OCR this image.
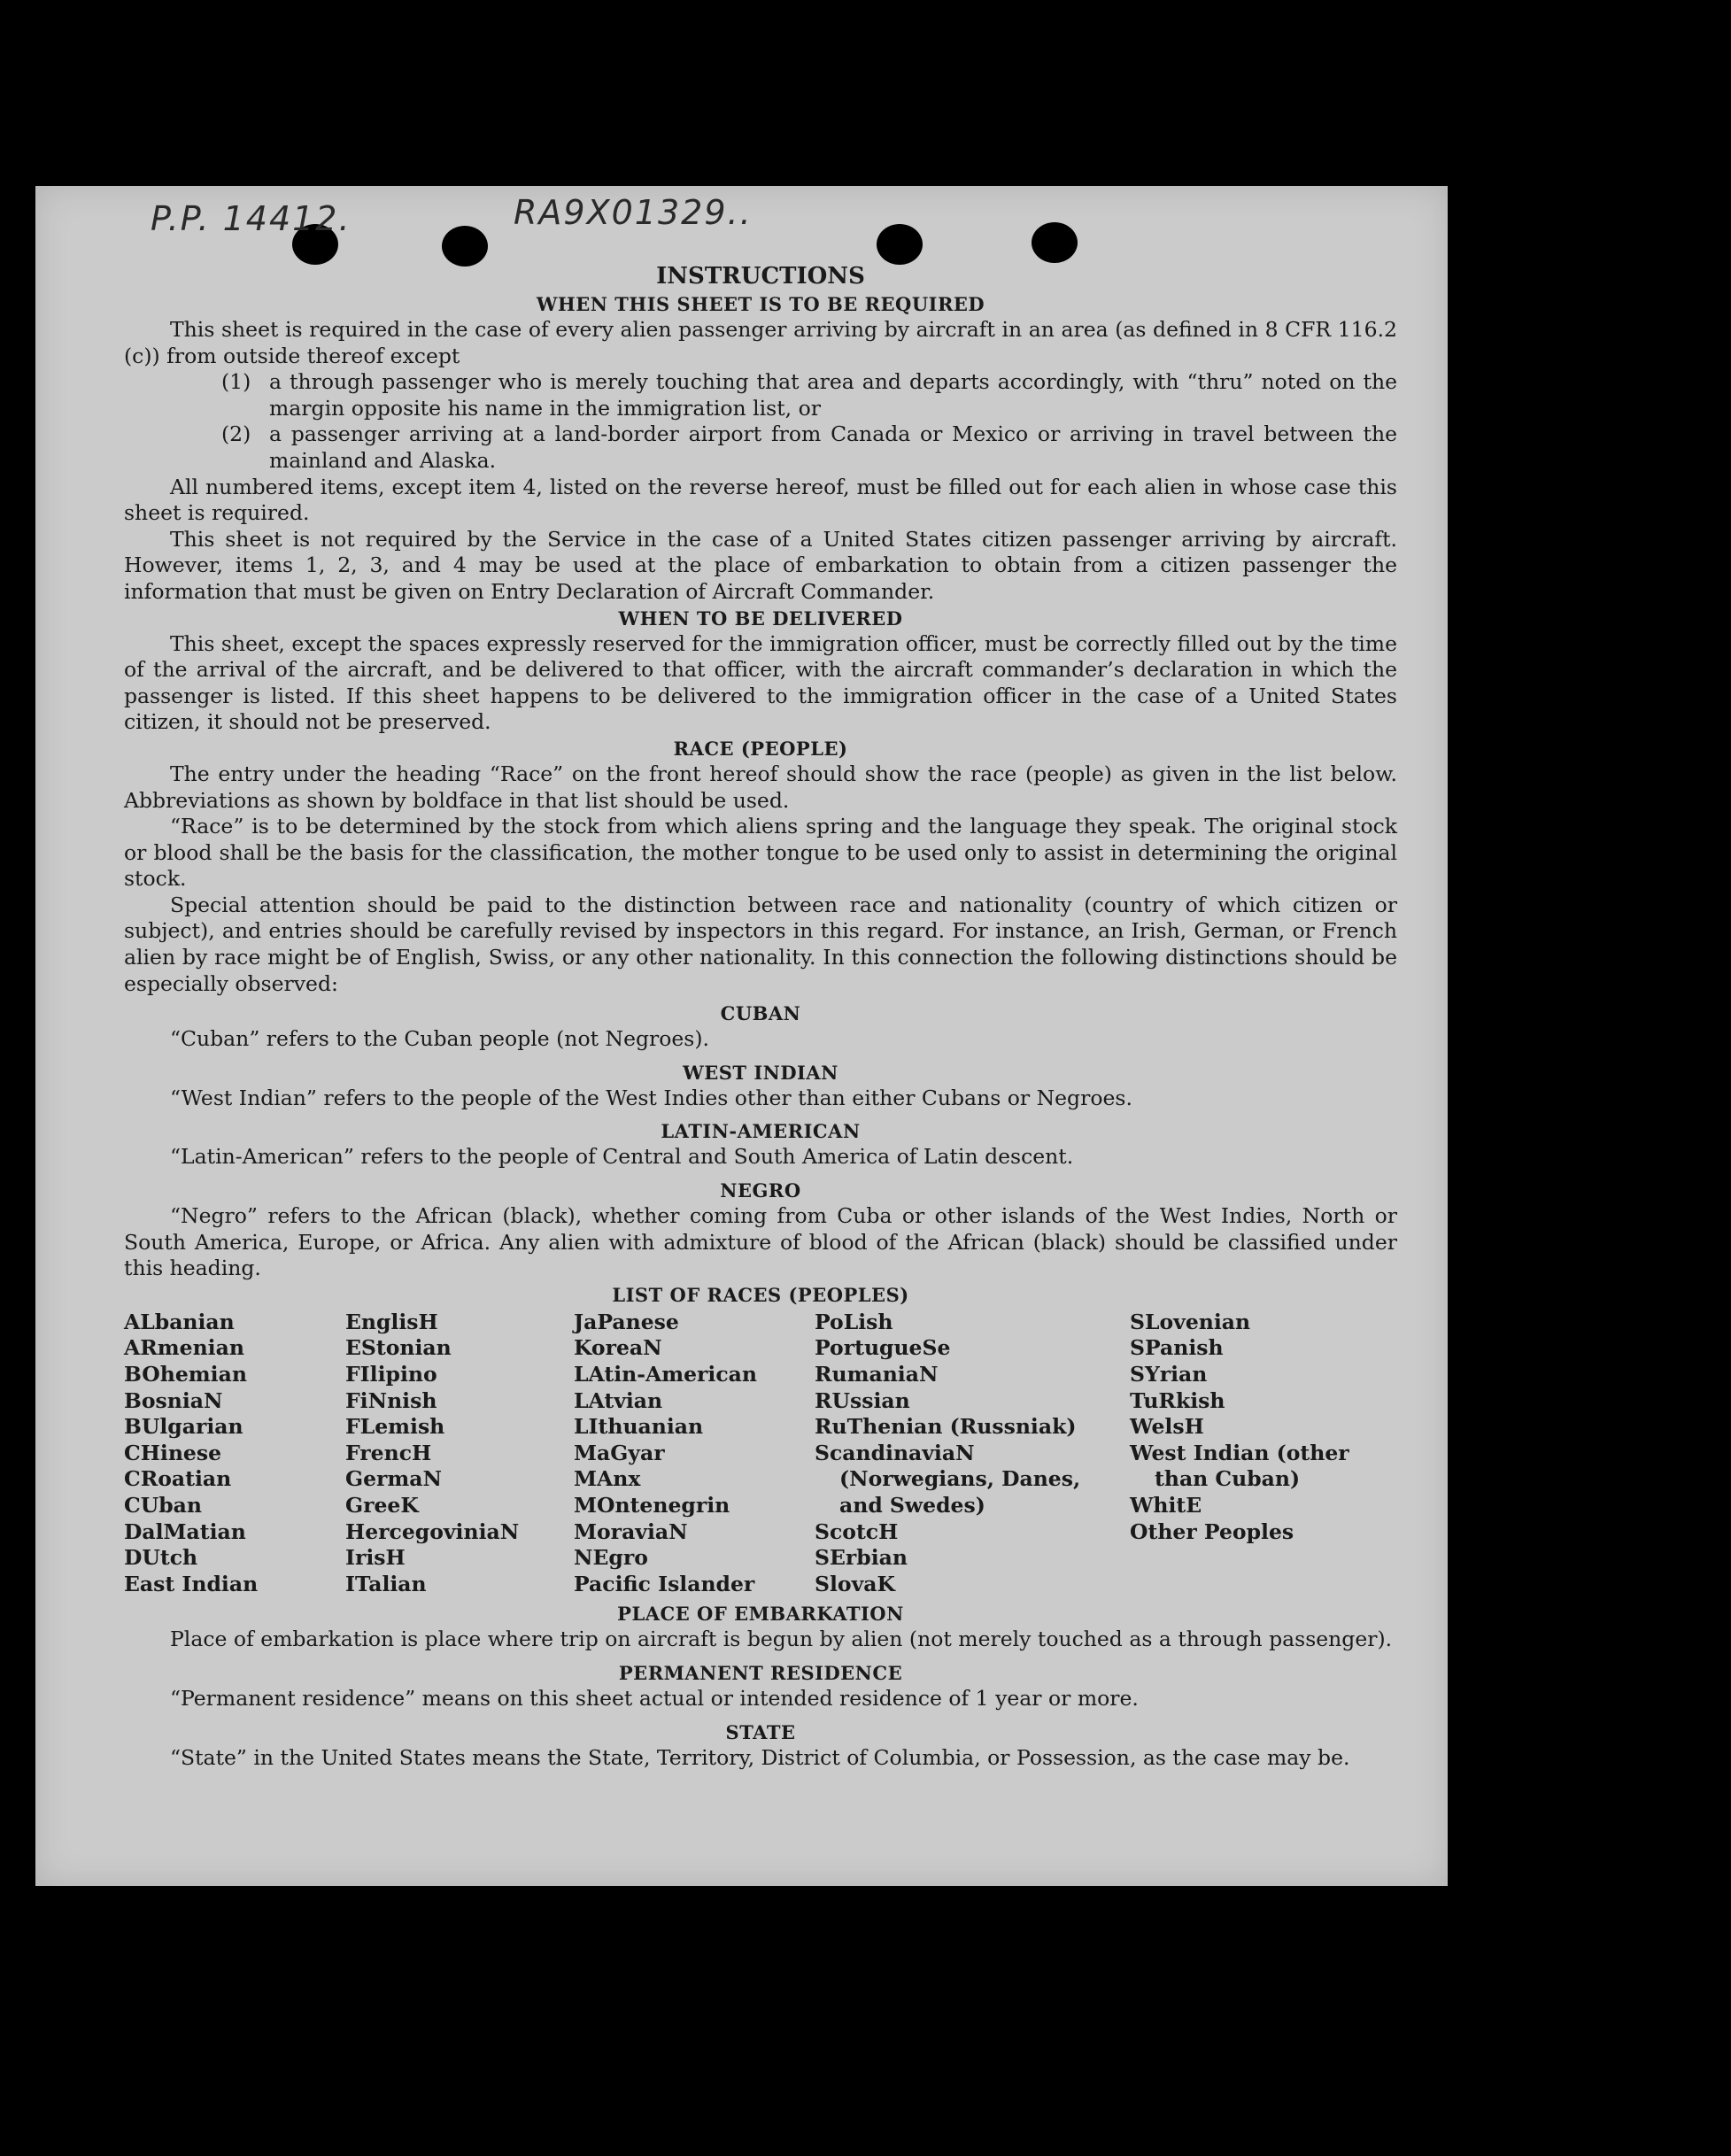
P.P. 14412.	RA9X01329..
INSTRUCTIONS
WHEN THIS SHEET IS TO BE REQUIRED

This sheet is required in the case of every alien passenger arriving by aircraft in an area (as defined in 8 CFR 116.2 (c)) from outside thereof except

(1) a through passenger who is merely touching that area and departs accordingly, with “thru” noted on the margin opposite his name in the immigration list, or
(2) a passenger arriving at a land-border airport from Canada or Mexico or arriving in travel between the mainland and Alaska.

All numbered items, except item 4, listed on the reverse hereof, must be filled out for each alien in whose case this sheet is required.

This sheet is not required by the Service in the case of a United States citizen passenger arriving by aircraft. However, items 1, 2, 3, and 4 may be used at the place of embarkation to obtain from a citizen passenger the information that must be given on Entry Declaration of Aircraft Commander.

WHEN TO BE DELIVERED

This sheet, except the spaces expressly reserved for the immigration officer, must be correctly filled out by the time of the arrival of the aircraft, and be delivered to that officer, with the aircraft commander’s declaration in which the passenger is listed. If this sheet happens to be delivered to the immigration officer in the case of a United States citizen, it should not be preserved.

RACE (PEOPLE)

The entry under the heading “Race” on the front hereof should show the race (people) as given in the list below. Abbreviations as shown by boldface in that list should be used.

“Race” is to be determined by the stock from which aliens spring and the language they speak. The original stock or blood shall be the basis for the classification, the mother tongue to be used only to assist in determining the original stock.

Special attention should be paid to the distinction between race and nationality (country of which citizen or subject), and entries should be carefully revised by inspectors in this regard. For instance, an Irish, German, or French alien by race might be of English, Swiss, or any other nationality. In this connection the following distinctions should be especially observed:

CUBAN

“Cuban” refers to the Cuban people (not Negroes).

WEST INDIAN

“West Indian” refers to the people of the West Indies other than either Cubans or Negroes.

LATIN-AMERICAN

“Latin-American” refers to the people of Central and South America of Latin descent.

NEGRO

“Negro” refers to the African (black), whether coming from Cuba or other islands of the West Indies, North or South America, Europe, or Africa. Any alien with admixture of blood of the African (black) should be classified under this heading.

LIST OF RACES (PEOPLES)
ALbanian
ARmenian
BOhemian
BosniaN
BUlgarian
CHinese
CRoatian
CUban
DalMatian
DUtch
East Indian
EnglisH
EStonian
FIlipino
FiNnish
FLemish
FrencH
GermaN
GreeK
HercegoviniaN
IrisH
ITalian
JaPanese
KoreaN
LAtin-American
LAtvian
LIthuanian
MaGyar
MAnx
MOntenegrin
MoraviaN
NEgro
Pacific Islander
PoLish
PortugueSe
RumaniaN
RUssian
RuThenian (Russniak)
ScandinaviaN (Norwegians, Danes, and Swedes)
ScotcH
SErbian
SlovaK
SLovenian
SPanish
SYrian
TuRkish
WelsH
West Indian (other than Cuban)
WhitE
Other Peoples
PLACE OF EMBARKATION

Place of embarkation is place where trip on aircraft is begun by alien (not merely touched as a through passenger).

PERMANENT RESIDENCE

“Permanent residence” means on this sheet actual or intended residence of 1 year or more.

STATE

“State” in the United States means the State, Territory, District of Columbia, or Possession, as the case may be.
